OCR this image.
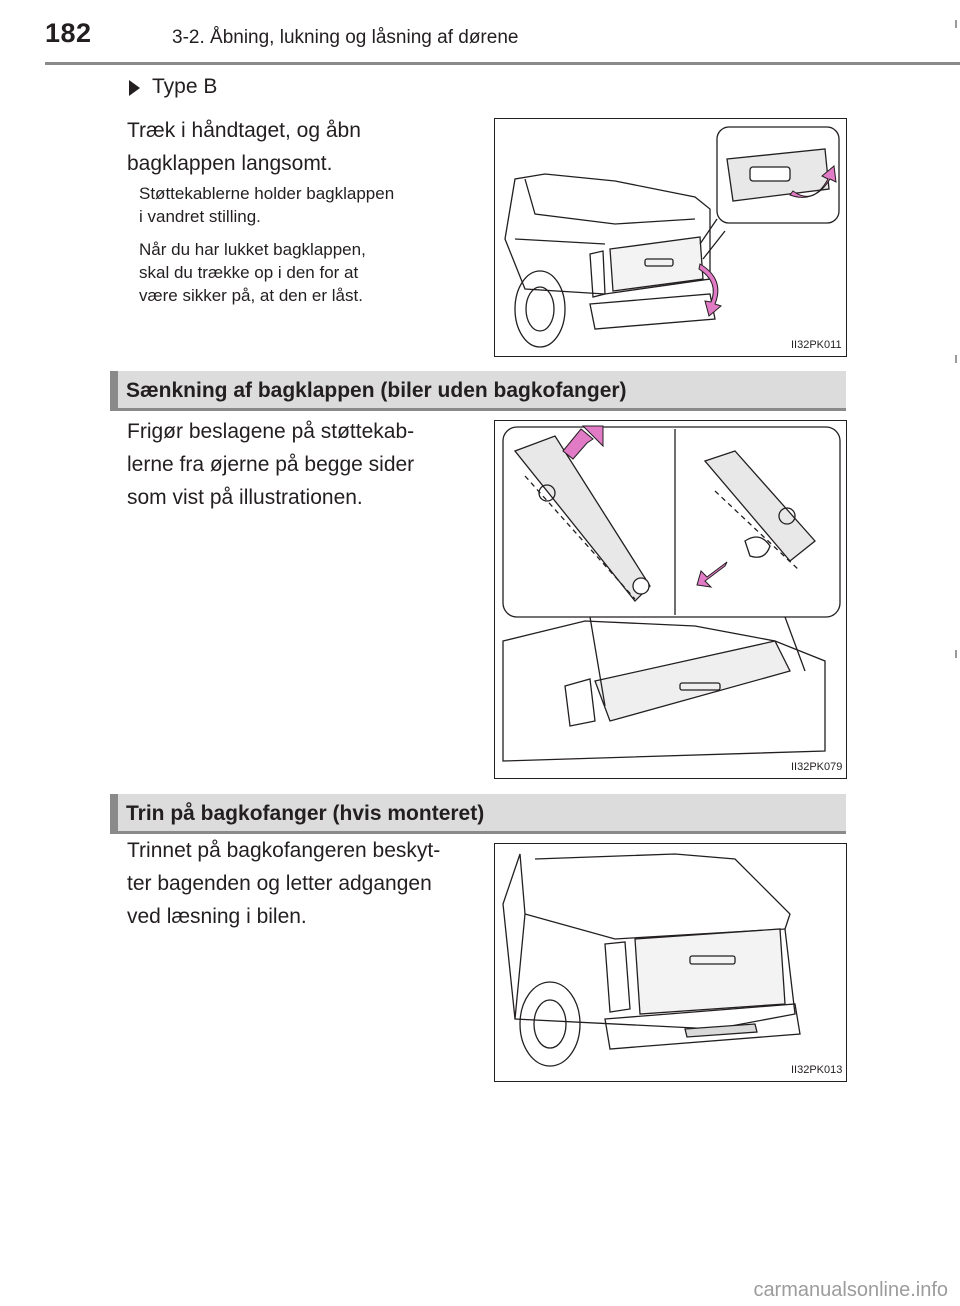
182	3-2. Åbning, lukning og låsning af dørene
Type B
Træk i håndtaget, og åbn
bagklappen langsomt.
Støttekablerne holder bagklappen
i vandret stilling.
Når du har lukket bagklappen,
skal du trække op i den for at
være sikker på, at den er låst.
II32PK011
Sænkning af bagklappen (biler uden bagkofanger)
Frigør beslagene på støttekab-
lerne fra øjerne på begge sider
som vist på illustrationen.
II32PK079
Trin på bagkofanger (hvis monteret)
Trinnet på bagkofangeren beskyt-
ter bagenden og letter adgangen
ved læsning i bilen.
II32PK013
carmanualsonline.info
